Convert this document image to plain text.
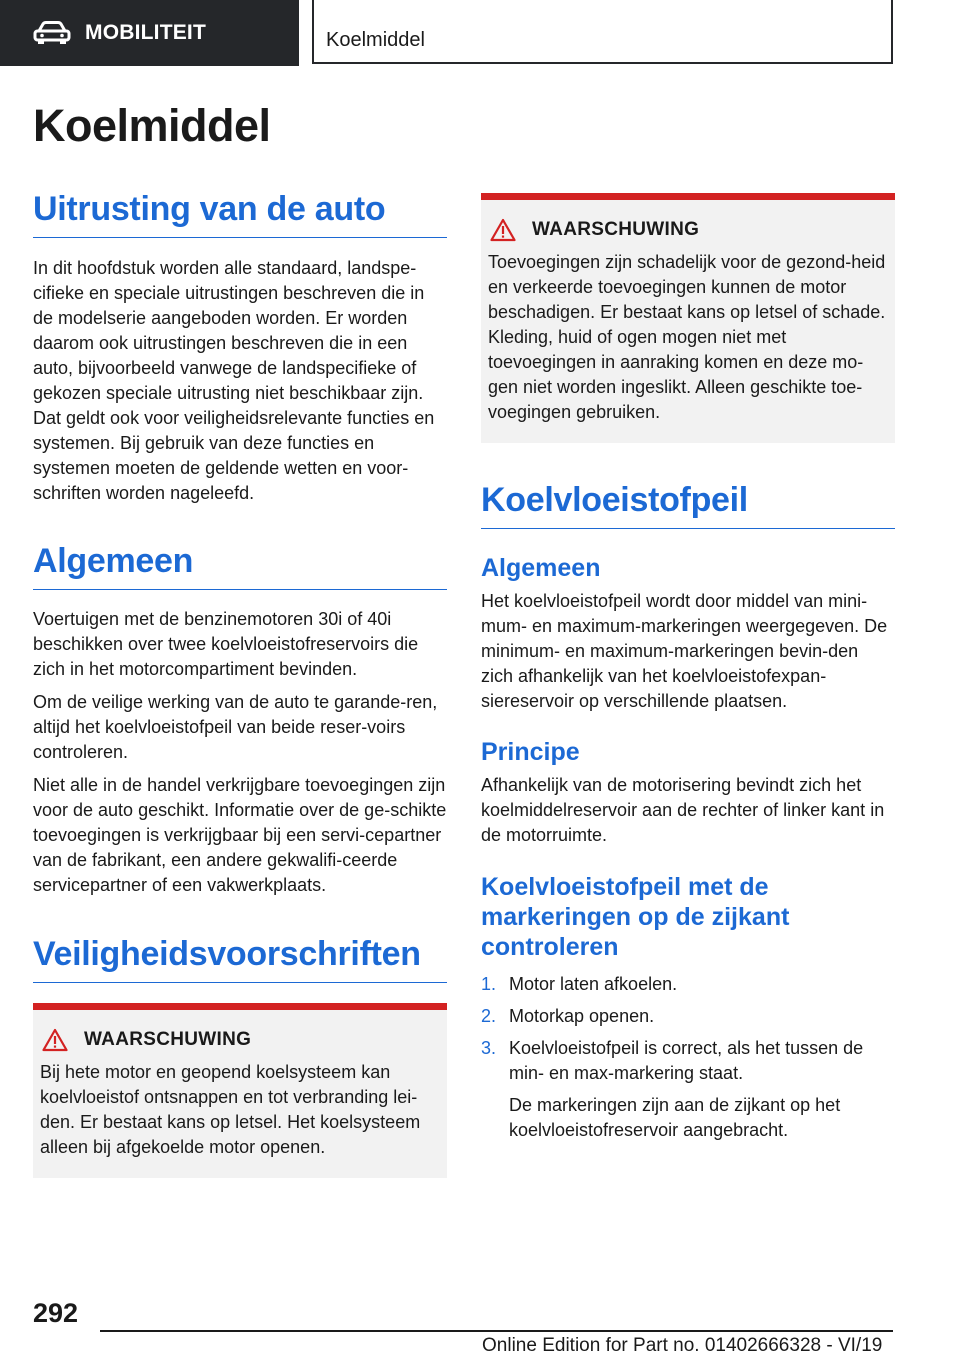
MOBILITEIT	Koelmiddel
Koelmiddel
Uitrusting van de auto

In dit hoofdstuk worden alle standaard, landspe-cifieke en speciale uitrustingen beschreven die in de modelserie aangeboden worden. Er worden daarom ook uitrustingen beschreven die in een auto, bijvoorbeeld vanwege de landspecifieke of gekozen speciale uitrusting niet beschikbaar zijn. Dat geldt ook voor veiligheidsrelevante functies en systemen. Bij gebruik van deze functies en systemen moeten de geldende wetten en voor-schriften worden nageleefd.

Algemeen

Voertuigen met de benzinemotoren 30i of 40i beschikken over twee koelvloeistofreservoirs die zich in het motorcompartiment bevinden.

Om de veilige werking van de auto te garande-ren, altijd het koelvloeistofpeil van beide reser-voirs controleren.

Niet alle in de handel verkrijgbare toevoegingen zijn voor de auto geschikt. Informatie over de ge-schikte toevoegingen is verkrijgbaar bij een servi-cepartner van de fabrikant, een andere gekwalifi-ceerde servicepartner of een vakwerkplaats.

Veiligheidsvoorschriften
WAARSCHUWING

Bij hete motor en geopend koelsysteem kan koelvloeistof ontsnappen en tot verbranding lei-den. Er bestaat kans op letsel. Het koelsysteem alleen bij afgekoelde motor openen.

WAARSCHUWING

Toevoegingen zijn schadelijk voor de gezond-heid en verkeerde toevoegingen kunnen de motor beschadigen. Er bestaat kans op letsel of schade. Kleding, huid of ogen mogen niet met toevoegingen in aanraking komen en deze mo-gen niet worden ingeslikt. Alleen geschikte toe-voegingen gebruiken.

Koelvloeistofpeil
Algemeen

Het koelvloeistofpeil wordt door middel van mini-mum- en maximum-markeringen weergegeven. De minimum- en maximum-markeringen bevin-den zich afhankelijk van het koelvloeistofexpan-siereservoir op verschillende plaatsen.

Principe

Afhankelijk van de motorisering bevindt zich het koelmiddelreservoir aan de rechter of linker kant in de motorruimte.

Koelvloeistofpeil met de markeringen op de zijkant controleren
1. Motor laten afkoelen.
2. Motorkap openen.
3. Koelvloeistofpeil is correct, als het tussen de min- en max-markering staat.

De markeringen zijn aan de zijkant op het koelvloeistofreservoir aangebracht.

292
Online Edition for Part no. 01402666328 - VI/19
